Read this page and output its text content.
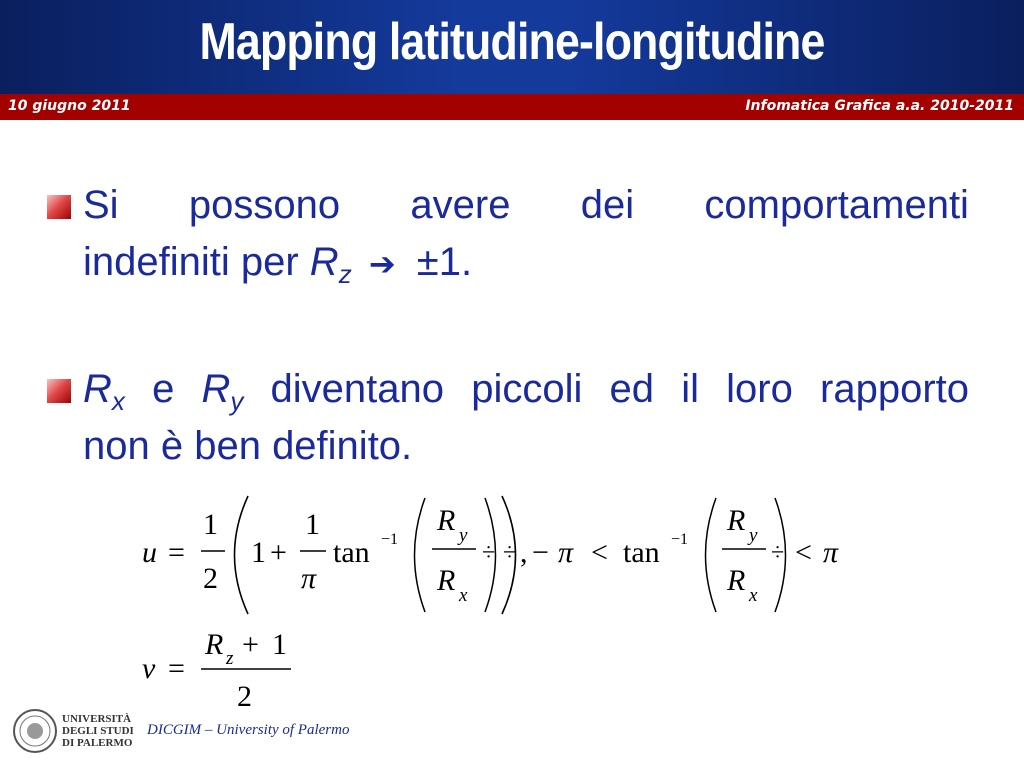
Mapping latitudine-longitudine
10 giugno 2011	Infomatica Grafica a.a. 2010-2011
Si possono avere dei comportamenti
indefiniti per $R_z$ ➔ ±1.
$R_x$ e $R_y$ diventano piccoli ed il loro rapporto
non è ben definito.
u =
1
2
1 +
1
π
tan −1
R y
R x
÷ ÷ , − π < tan −1
R y
R x
÷ < π
v =
R z + 1
2
UNIVERSITÀ
DEGLI STUDI
DI PALERMO
DICGIM – University of Palermo
